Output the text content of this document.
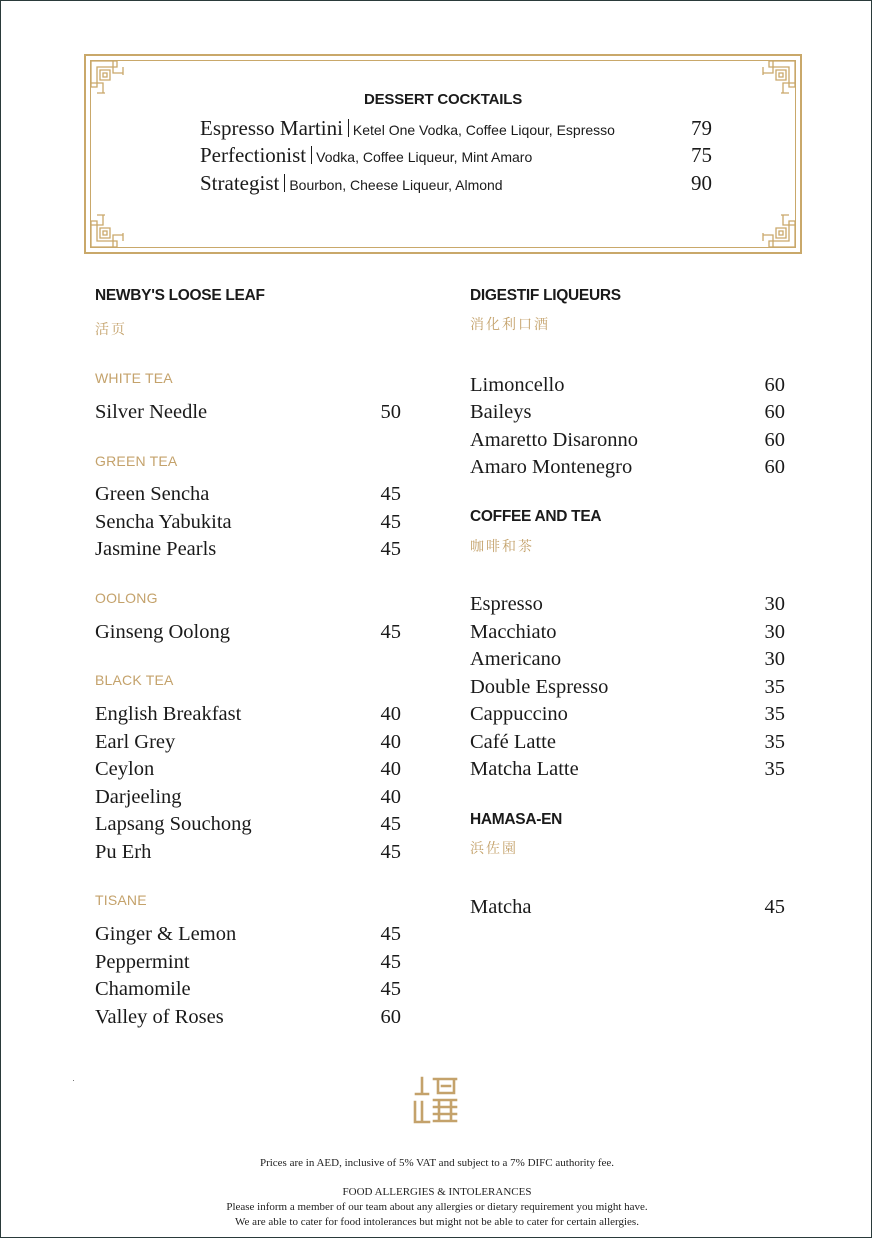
DESSERT COCKTAILS
Espresso Martini Ketel One Vodka, Coffee Liqour, Espresso	79
Perfectionist Vodka, Coffee Liqueur, Mint Amaro	75
Strategist Bourbon, Cheese Liqueur, Almond	90
NEWBY'S LOOSE LEAF
活页
WHITE TEA
Silver Needle	50
GREEN TEA
Green Sencha	45
Sencha Yabukita	45
Jasmine Pearls	45
OOLONG
Ginseng Oolong	45
BLACK TEA
English Breakfast	40
Earl Grey	40
Ceylon	40
Darjeeling	40
Lapsang Souchong	45
Pu Erh	45
TISANE
Ginger & Lemon	45
Peppermint	45
Chamomile	45
Valley of Roses	60
DIGESTIF LIQUEURS
消化利口酒
Limoncello	60
Baileys	60
Amaretto Disaronno	60
Amaro Montenegro	60
COFFEE AND TEA
咖啡和茶
Espresso	30
Macchiato	30
Americano	30
Double Espresso	35
Cappuccino	35
Café Latte	35
Matcha Latte	35
HAMASA-EN
浜佐園
Matcha	45
Prices are in AED, inclusive of 5% VAT and subject to a 7% DIFC authority fee.
FOOD ALLERGIES & INTOLERANCES
Please inform a member of our team about any allergies or dietary requirement you might have.
We are able to cater for food intolerances but might not be able to cater for certain allergies.
